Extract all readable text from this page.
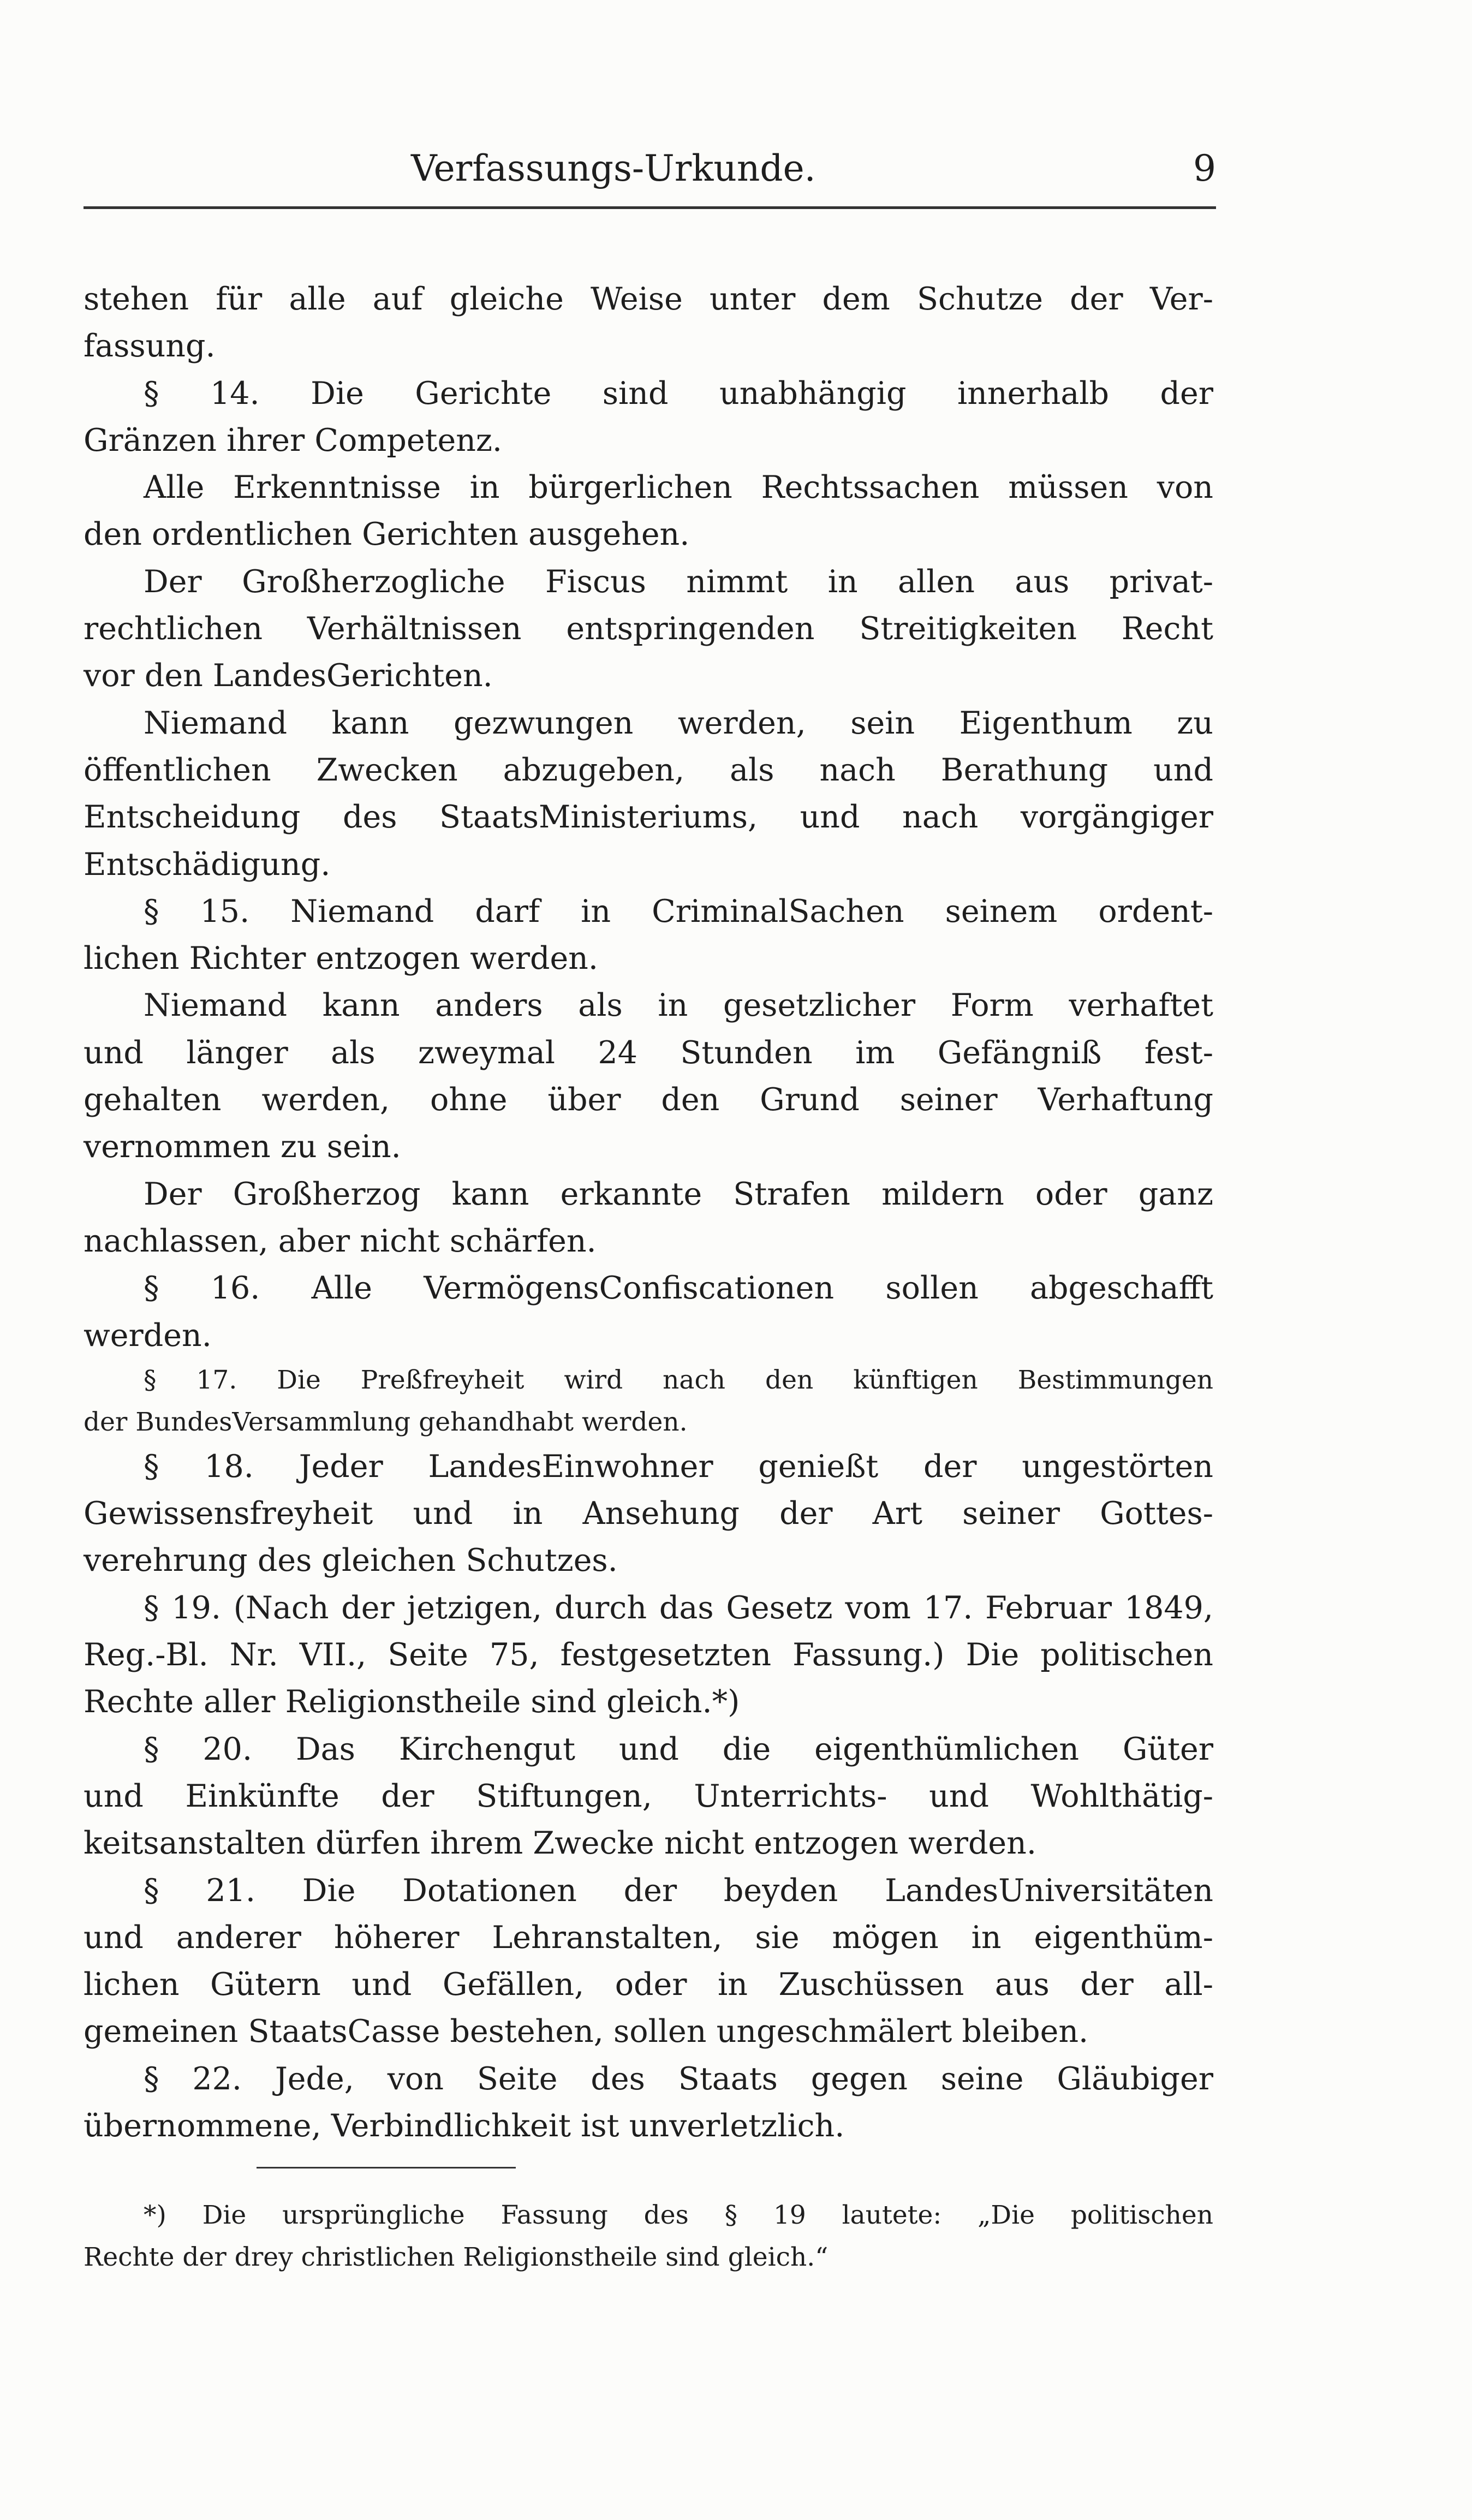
Verfassungs-Urkunde.	9
stehen für alle auf gleiche Weise unter dem Schutze der Ver-
fassung.
§ 14. Die Gerichte sind unabhängig innerhalb der
Gränzen ihrer Competenz.
Alle Erkenntnisse in bürgerlichen Rechtssachen müssen von
den ordentlichen Gerichten ausgehen.
Der Großherzogliche Fiscus nimmt in allen aus privat-
rechtlichen Verhältnissen entspringenden Streitigkeiten Recht
vor den LandesGerichten.
Niemand kann gezwungen werden, sein Eigenthum zu
öffentlichen Zwecken abzugeben, als nach Berathung und
Entscheidung des StaatsMinisteriums, und nach vorgängiger
Entschädigung.
§ 15. Niemand darf in CriminalSachen seinem ordent-
lichen Richter entzogen werden.
Niemand kann anders als in gesetzlicher Form verhaftet
und länger als zweymal 24 Stunden im Gefängniß fest-
gehalten werden, ohne über den Grund seiner Verhaftung
vernommen zu sein.
Der Großherzog kann erkannte Strafen mildern oder ganz
nachlassen, aber nicht schärfen.
§ 16. Alle VermögensConfiscationen sollen abgeschafft
werden.
§ 17. Die Preßfreyheit wird nach den künftigen Bestimmungen
der BundesVersammlung gehandhabt werden.
§ 18. Jeder LandesEinwohner genießt der ungestörten
Gewissensfreyheit und in Ansehung der Art seiner Gottes-
verehrung des gleichen Schutzes.
§ 19. (Nach der jetzigen, durch das Gesetz vom 17. Februar 1849,
Reg.-Bl. Nr. VII., Seite 75, festgesetzten Fassung.) Die politischen
Rechte aller Religionstheile sind gleich.*)
§ 20. Das Kirchengut und die eigenthümlichen Güter
und Einkünfte der Stiftungen, Unterrichts- und Wohlthätig-
keitsanstalten dürfen ihrem Zwecke nicht entzogen werden.
§ 21. Die Dotationen der beyden LandesUniversitäten
und anderer höherer Lehranstalten, sie mögen in eigenthüm-
lichen Gütern und Gefällen, oder in Zuschüssen aus der all-
gemeinen StaatsCasse bestehen, sollen ungeschmälert bleiben.
§ 22. Jede, von Seite des Staats gegen seine Gläubiger
übernommene, Verbindlichkeit ist unverletzlich.
*) Die ursprüngliche Fassung des § 19 lautete: „Die politischen
Rechte der drey christlichen Religionstheile sind gleich.“
